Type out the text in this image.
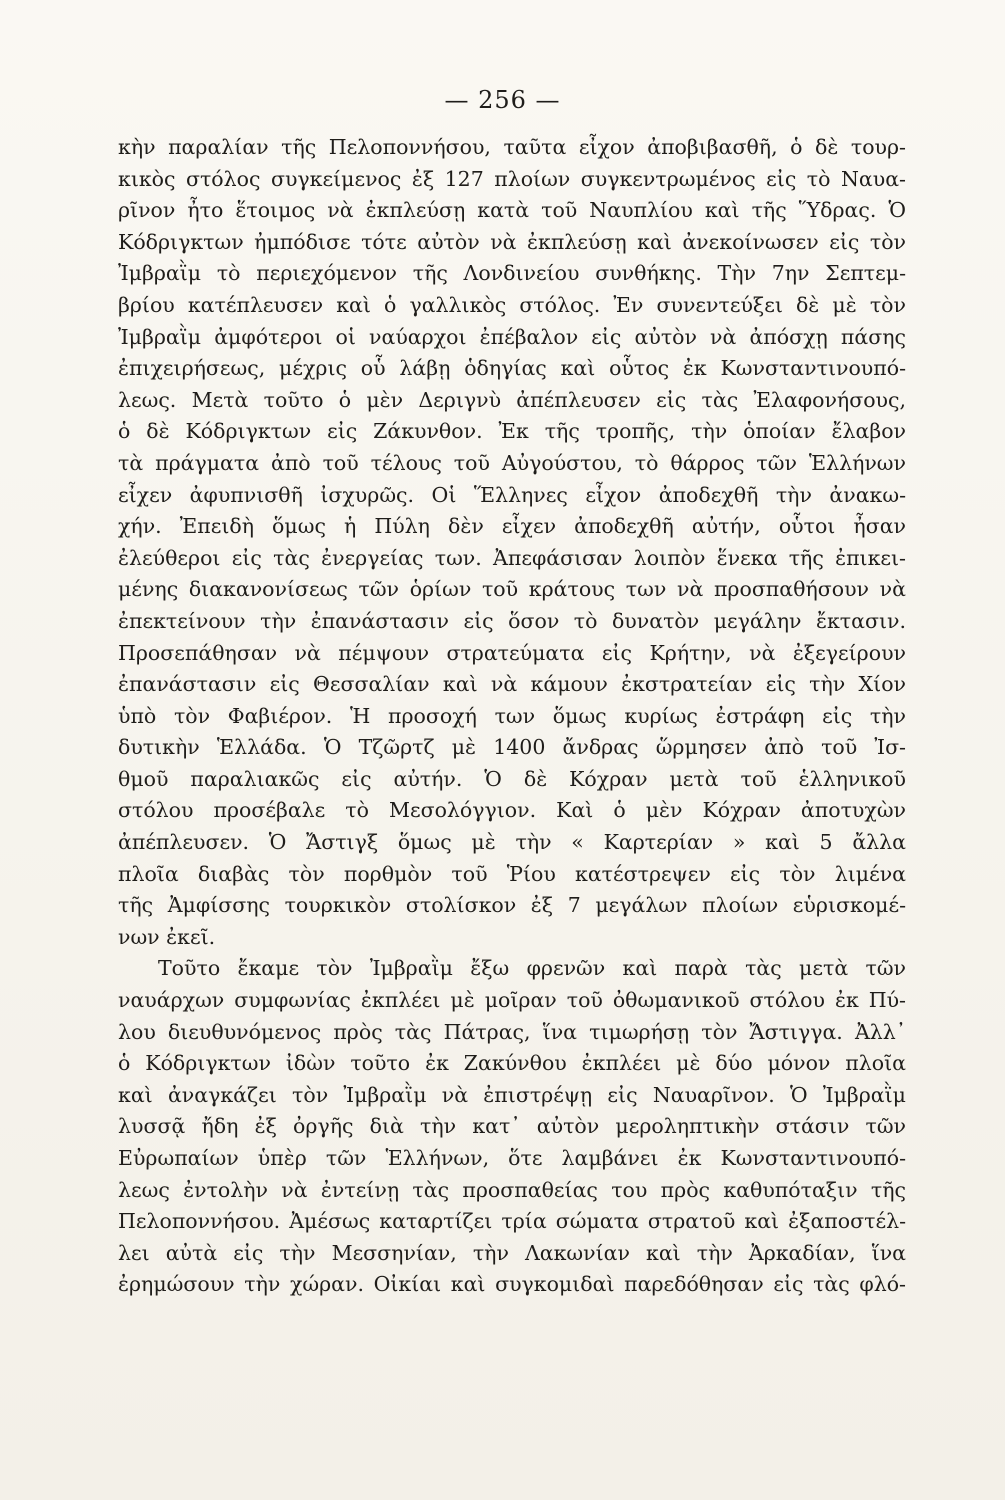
— 256 —
κὴν παραλίαν τῆς Πελοποννήσου, ταῦτα εἶχον ἀποβιβασθῆ, ὁ δὲ τουρ-
κικὸς στόλος συγκείμενος ἐξ 127 πλοίων συγκεντρωμένος εἰς τὸ Ναυα-
ρῖνον ἦτο ἕτοιμος νὰ ἐκπλεύσῃ κατὰ τοῦ Ναυπλίου καὶ τῆς Ὕδρας. Ὁ
Κόδριγκτων ἠμπόδισε τότε αὐτὸν νὰ ἐκπλεύσῃ καὶ ἀνεκοίνωσεν εἰς τὸν
Ἰμβραῒμ τὸ περιεχόμενον τῆς Λονδινείου συνθήκης. Τὴν 7ην Σεπτεμ-
βρίου κατέπλευσεν καὶ ὁ γαλλικὸς στόλος. Ἐν συνεντεύξει δὲ μὲ τὸν
Ἰμβραῒμ ἀμφότεροι οἱ ναύαρχοι ἐπέβαλον εἰς αὐτὸν νὰ ἀπόσχῃ πάσης
ἐπιχειρήσεως, μέχρις οὗ λάβῃ ὁδηγίας καὶ οὗτος ἐκ Κωνσταντινουπό-
λεως. Μετὰ τοῦτο ὁ μὲν Δεριγνὺ ἀπέπλευσεν εἰς τὰς Ἐλαφονήσους,
ὁ δὲ Κόδριγκτων εἰς Ζάκυνθον. Ἐκ τῆς τροπῆς, τὴν ὁποίαν ἔλαβον
τὰ πράγματα ἀπὸ τοῦ τέλους τοῦ Αὐγούστου, τὸ θάρρος τῶν Ἑλλήνων
εἶχεν ἀφυπνισθῆ ἰσχυρῶς. Οἱ Ἕλληνες εἶχον ἀποδεχθῆ τὴν ἀνακω-
χήν. Ἐπειδὴ ὅμως ἡ Πύλη δὲν εἶχεν ἀποδεχθῆ αὐτήν, οὗτοι ἦσαν
ἐλεύθεροι εἰς τὰς ἐνεργείας των. Ἀπεφάσισαν λοιπὸν ἕνεκα τῆς ἐπικει-
μένης διακανονίσεως τῶν ὁρίων τοῦ κράτους των νὰ προσπαθήσουν νὰ
ἐπεκτείνουν τὴν ἐπανάστασιν εἰς ὅσον τὸ δυνατὸν μεγάλην ἔκτασιν.
Προσεπάθησαν νὰ πέμψουν στρατεύματα εἰς Κρήτην, νὰ ἐξεγείρουν
ἐπανάστασιν εἰς Θεσσαλίαν καὶ νὰ κάμουν ἐκστρατείαν εἰς τὴν Χίον
ὑπὸ τὸν Φαβιέρον. Ἡ προσοχή των ὅμως κυρίως ἐστράφη εἰς τὴν
δυτικὴν Ἑλλάδα. Ὁ Τζῶρτζ μὲ 1400 ἄνδρας ὥρμησεν ἀπὸ τοῦ Ἰσ-
θμοῦ παραλιακῶς εἰς αὐτήν. Ὁ δὲ Κόχραν μετὰ τοῦ ἑλληνικοῦ
στόλου προσέβαλε τὸ Μεσολόγγιον. Καὶ ὁ μὲν Κόχραν ἀποτυχὼν
ἀπέπλευσεν. Ὁ Ἄστιγξ ὅμως μὲ τὴν « Καρτερίαν » καὶ 5 ἄλλα
πλοῖα διαβὰς τὸν πορθμὸν τοῦ Ῥίου κατέστρεψεν εἰς τὸν λιμένα
τῆς Ἀμφίσσης τουρκικὸν στολίσκον ἐξ 7 μεγάλων πλοίων εὑρισκομέ-
νων ἐκεῖ.
Τοῦτο ἔκαμε τὸν Ἰμβραῒμ ἔξω φρενῶν καὶ παρὰ τὰς μετὰ τῶν
ναυάρχων συμφωνίας ἐκπλέει μὲ μοῖραν τοῦ ὀθωμανικοῦ στόλου ἐκ Πύ-
λου διευθυνόμενος πρὸς τὰς Πάτρας, ἵνα τιμωρήσῃ τὸν Ἄστιγγα. Ἀλλ᾽
ὁ Κόδριγκτων ἰδὼν τοῦτο ἐκ Ζακύνθου ἐκπλέει μὲ δύο μόνον πλοῖα
καὶ ἀναγκάζει τὸν Ἰμβραῒμ νὰ ἐπιστρέψῃ εἰς Ναυαρῖνον. Ὁ Ἰμβραῒμ
λυσσᾷ ἤδη ἐξ ὀργῆς διὰ τὴν κατ᾽ αὐτὸν μεροληπτικὴν στάσιν τῶν
Εὐρωπαίων ὑπὲρ τῶν Ἑλλήνων, ὅτε λαμβάνει ἐκ Κωνσταντινουπό-
λεως ἐντολὴν νὰ ἐντείνῃ τὰς προσπαθείας του πρὸς καθυπόταξιν τῆς
Πελοποννήσου. Ἀμέσως καταρτίζει τρία σώματα στρατοῦ καὶ ἐξαποστέλ-
λει αὐτὰ εἰς τὴν Μεσσηνίαν, τὴν Λακωνίαν καὶ τὴν Ἀρκαδίαν, ἵνα
ἐρημώσουν τὴν χώραν. Οἰκίαι καὶ συγκομιδαὶ παρεδόθησαν εἰς τὰς φλό-
